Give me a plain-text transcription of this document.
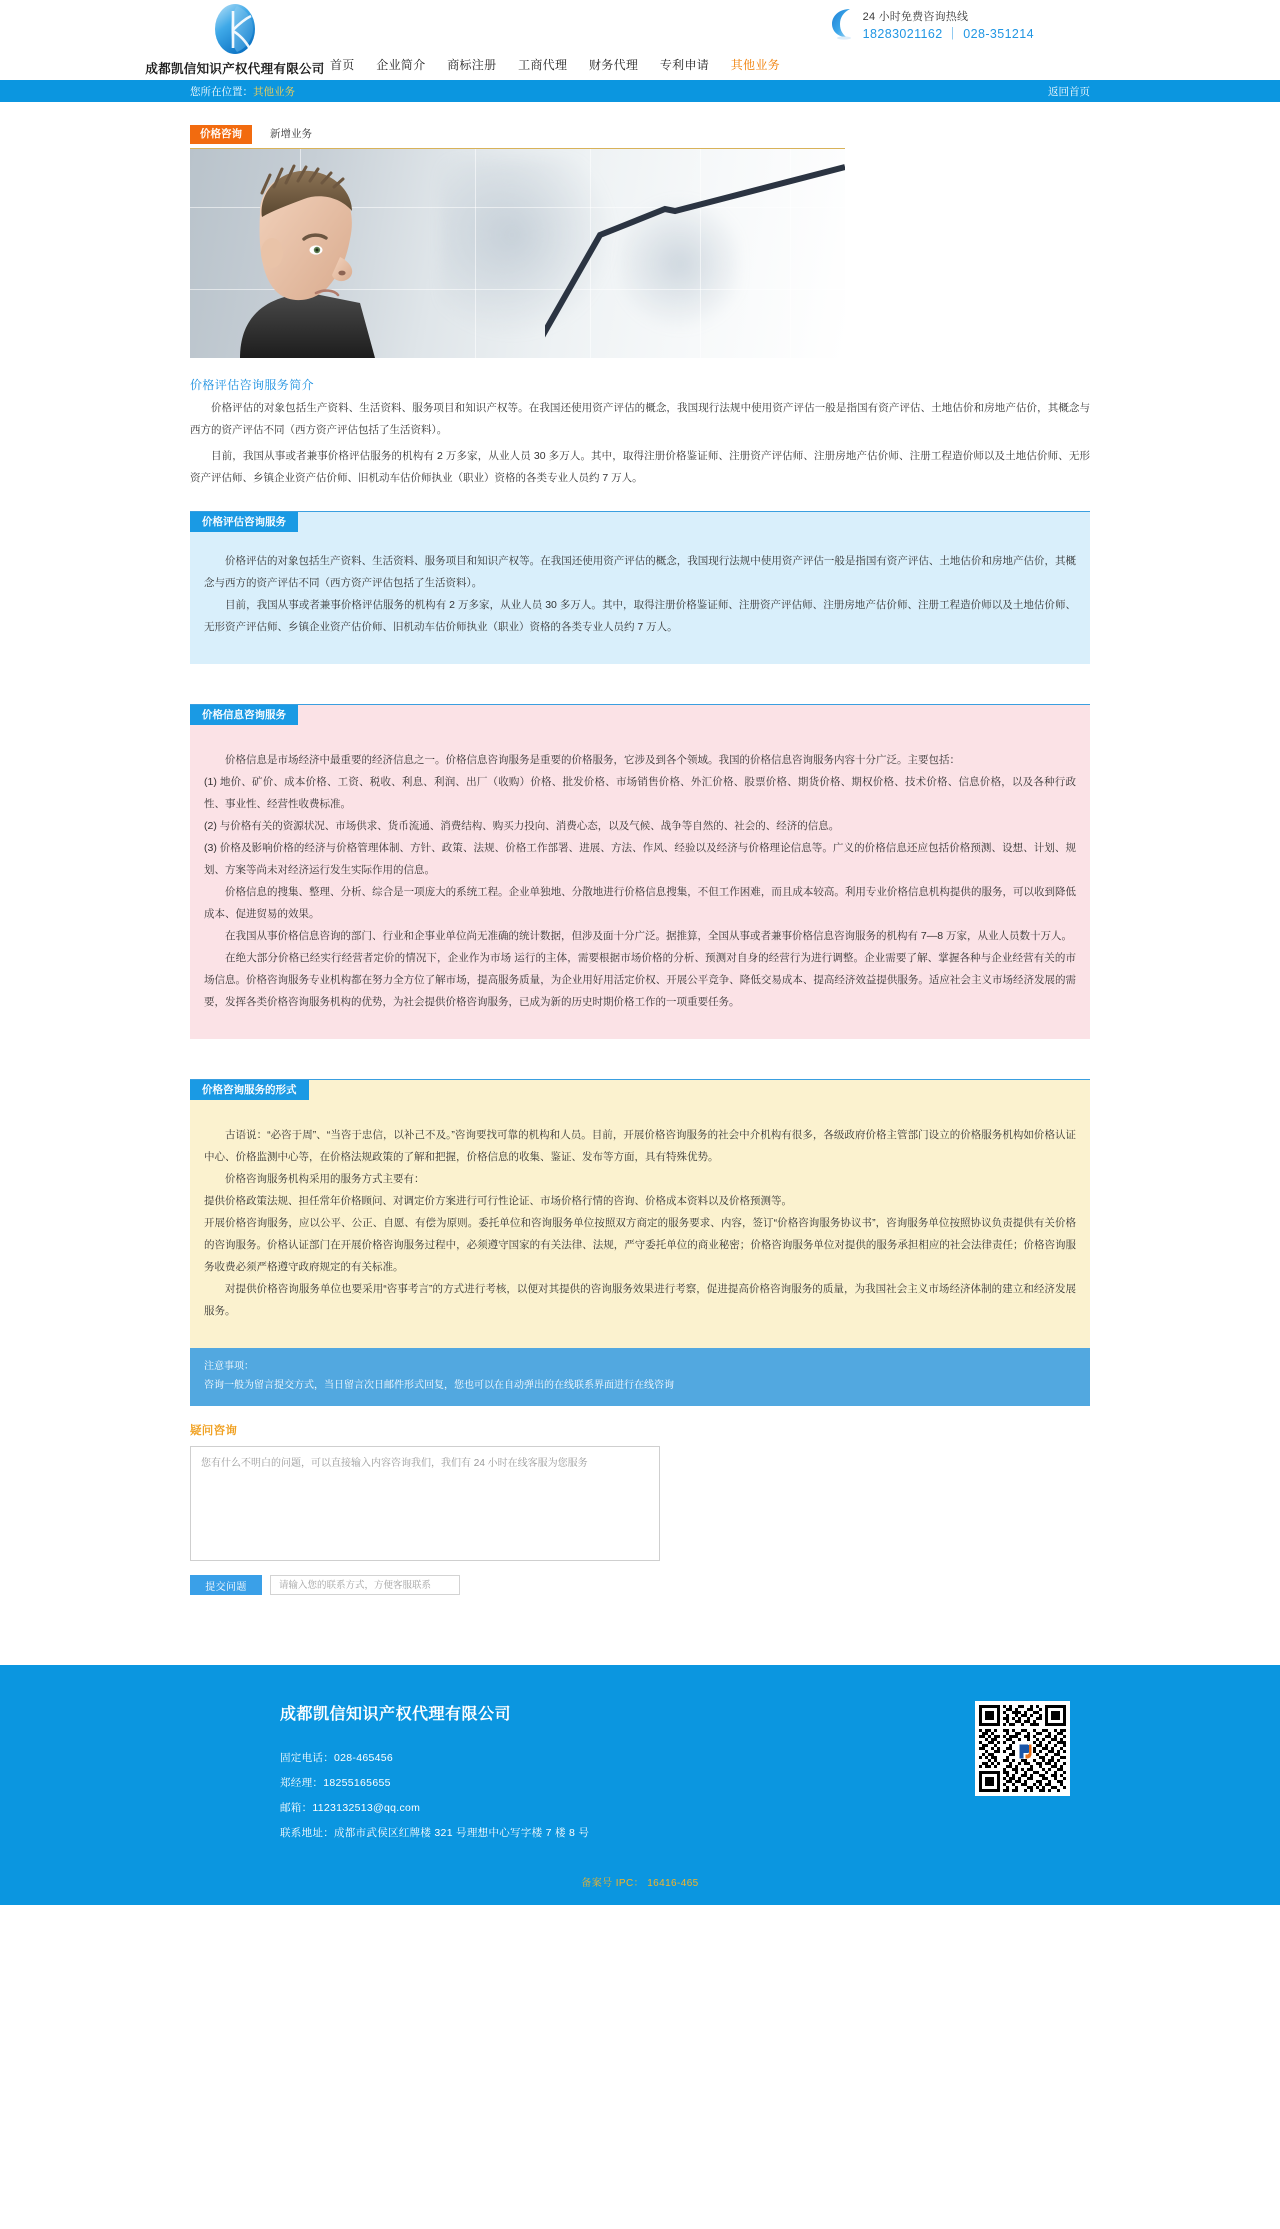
24 小时免费咨询热线
18283021162 ｜ 028-351214
成都凯信知识产权代理有限公司 首页 企业简介 商标注册 工商代理 财务代理 专利申请 其他业务
您所在位置：其他业务	返回首页
价格咨询	新增业务
价格评估咨询服务简介

价格评估的对象包括生产资料、生活资料、服务项目和知识产权等。在我国还使用资产评估的概念，我国现行法规中使用资产评估一般是指国有资产评估、土地估价和房地产估价，其概念与西方的资产评估不同（西方资产评估包括了生活资料）。

目前，我国从事或者兼事价格评估服务的机构有 2 万多家，从业人员 30 多万人。其中，取得注册价格鉴证师、注册资产评估师、注册房地产估价师、注册工程造价师以及土地估价师、无形资产评估师、乡镇企业资产估价师、旧机动车估价师执业（职业）资格的各类专业人员约 7 万人。

价格评估咨询服务

价格评估的对象包括生产资料、生活资料、服务项目和知识产权等。在我国还使用资产评估的概念，我国现行法规中使用资产评估一般是指国有资产评估、土地估价和房地产估价，其概念与西方的资产评估不同（西方资产评估包括了生活资料）。

目前，我国从事或者兼事价格评估服务的机构有 2 万多家，从业人员 30 多万人。其中，取得注册价格鉴证师、注册资产评估师、注册房地产估价师、注册工程造价师以及土地估价师、无形资产评估师、乡镇企业资产估价师、旧机动车估价师执业（职业）资格的各类专业人员约 7 万人。

价格信息咨询服务

价格信息是市场经济中最重要的经济信息之一。价格信息咨询服务是重要的价格服务，它涉及到各个领域。我国的价格信息咨询服务内容十分广泛。主要包括：

(1) 地价、矿价、成本价格、工资、税收、利息、利润、出厂（收购）价格、批发价格、市场销售价格、外汇价格、股票价格、期货价格、期权价格、技术价格、信息价格，以及各种行政性、事业性、经营性收费标准。

(2) 与价格有关的资源状况、市场供求、货币流通、消费结构、购买力投向、消费心态，以及气候、战争等自然的、社会的、经济的信息。

(3) 价格及影响价格的经济与价格管理体制、方针、政策、法规、价格工作部署、进展、方法、作风、经验以及经济与价格理论信息等。广义的价格信息还应包括价格预测、设想、计划、规划、方案等尚未对经济运行发生实际作用的信息。

价格信息的搜集、整理、分析、综合是一项庞大的系统工程。企业单独地、分散地进行价格信息搜集，不但工作困难，而且成本较高。利用专业价格信息机构提供的服务，可以收到降低成本、促进贸易的效果。

在我国从事价格信息咨询的部门、行业和企事业单位尚无准确的统计数据，但涉及面十分广泛。据推算，全国从事或者兼事价格信息咨询服务的机构有 7—8 万家，从业人员数十万人。

在绝大部分价格已经实行经营者定价的情况下，企业作为市场 运行的主体，需要根据市场价格的分析、预测对自身的经营行为进行调整。企业需要了解、掌握各种与企业经营有关的市场信息。价格咨询服务专业机构都在努力全方位了解市场，提高服务质量，为企业用好用活定价权、开展公平竞争、降低交易成本、提高经济效益提供服务。适应社会主义市场经济发展的需要，发挥各类价格咨询服务机构的优势，为社会提供价格咨询服务，已成为新的历史时期价格工作的一项重要任务。

价格咨询服务的形式

古语说：“必咨于周”、“当咨于忠信，以补己不及。”咨询要找可靠的机构和人员。目前，开展价格咨询服务的社会中介机构有很多，各级政府价格主管部门设立的价格服务机构如价格认证中心、价格监测中心等，在价格法规政策的了解和把握，价格信息的收集、鉴证、发布等方面，具有特殊优势。

价格咨询服务机构采用的服务方式主要有：

提供价格政策法规、担任常年价格顾问、对调定价方案进行可行性论证、市场价格行情的咨询、价格成本资料以及价格预测等。

开展价格咨询服务，应以公平、公正、自愿、有偿为原则。委托单位和咨询服务单位按照双方商定的服务要求、内容，签订“价格咨询服务协议书”，咨询服务单位按照协议负责提供有关价格的咨询服务。价格认证部门在开展价格咨询服务过程中，必须遵守国家的有关法律、法规，严守委托单位的商业秘密；价格咨询服务单位对提供的服务承担相应的社会法律责任；价格咨询服务收费必须严格遵守政府规定的有关标准。

对提供价格咨询服务单位也要采用“咨事考言”的方式进行考核，以便对其提供的咨询服务效果进行考察，促进提高价格咨询服务的质量，为我国社会主义市场经济体制的建立和经济发展服务。

注意事项：

咨询一般为留言提交方式，当日留言次日邮件形式回复，您也可以在自动弹出的在线联系界面进行在线咨询

疑问咨询
您有什么不明白的问题，可以直接输入内容咨询我们，我们有 24 小时在线客服为您服务
提交问题
请输入您的联系方式，方便客服联系
成都凯信知识产权代理有限公司
固定电话：028-465456
郑经理：18255165655
邮箱：1123132513@qq.com
联系地址：成都市武侯区红牌楼 321 号理想中心写字楼 7 楼 8 号
备案号 IPC： 16416-465
